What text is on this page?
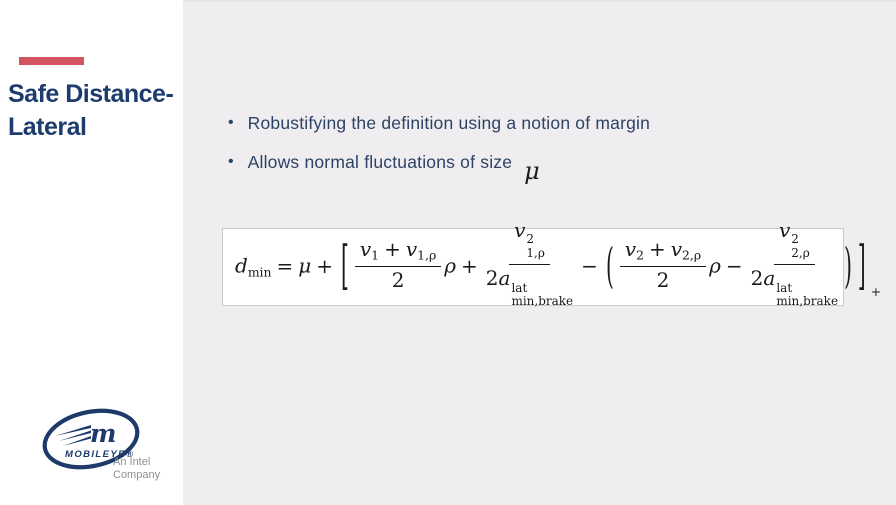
Safe Distance-
Lateral
m
MOBILEYE®
An Intel
Company
• Robustifying the definition using a notion of margin
• Allows normal fluctuations of size μ
dmin = μ + [ $\frac{v1 + v1,\rho}{2}$ ρ + v 2
1,ρ
2a lat
min,brake − ( $\frac{v2 + v2,\rho}{2}$ ρ − v 2
2,ρ
2a lat
min,brake ) ] $_+$
